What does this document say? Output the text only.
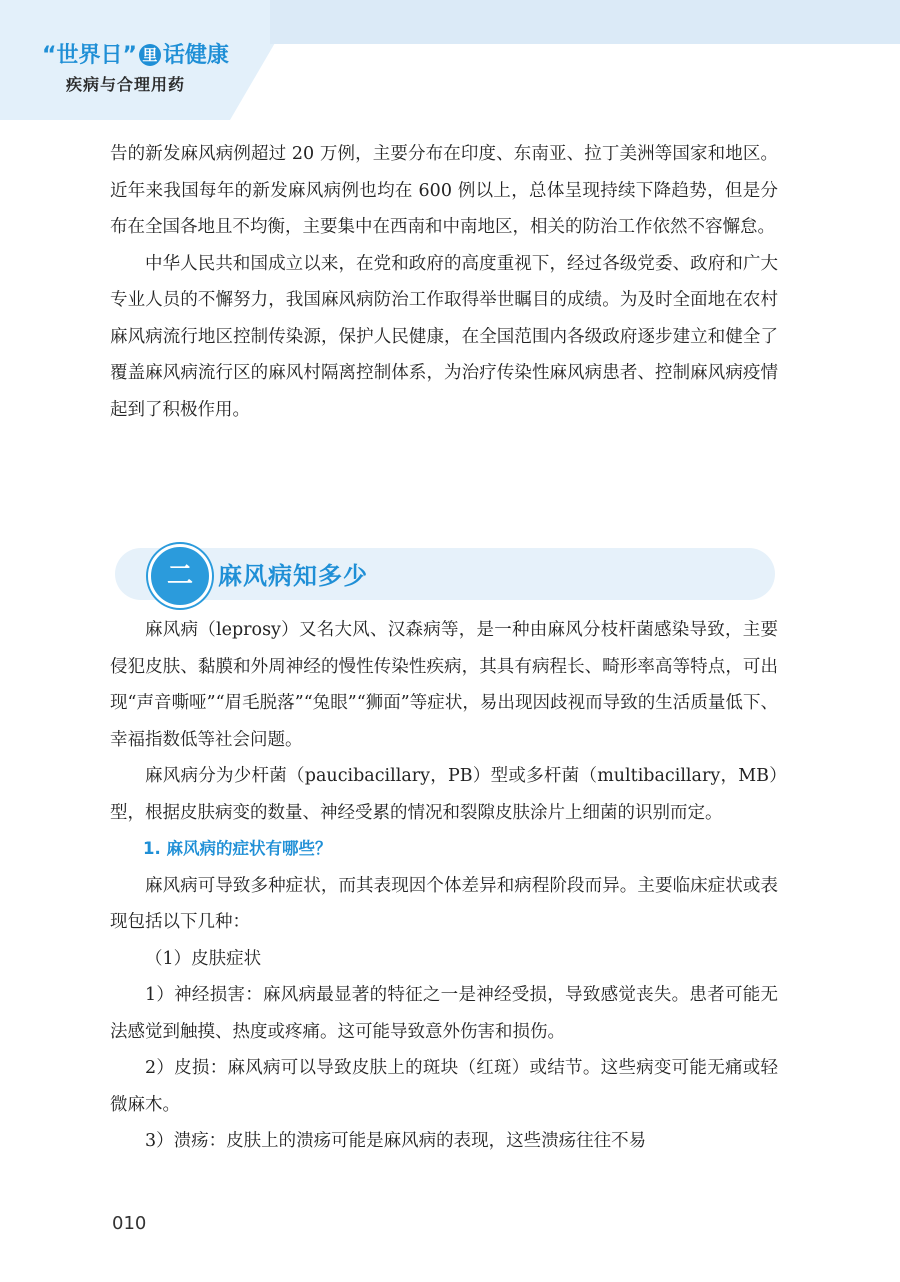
“世界日” 里 话健康
疾病与合理用药

告的新发麻风病例超过 20 万例，主要分布在印度、东南亚、拉丁美洲等国家和地区。近年来我国每年的新发麻风病例也均在 600 例以上，总体呈现持续下降趋势，但是分布在全国各地且不均衡，主要集中在西南和中南地区，相关的防治工作依然不容懈怠。

中华人民共和国成立以来，在党和政府的高度重视下，经过各级党委、政府和广大专业人员的不懈努力，我国麻风病防治工作取得举世瞩目的成绩。为及时全面地在农村麻风病流行地区控制传染源，保护人民健康，在全国范围内各级政府逐步建立和健全了覆盖麻风病流行区的麻风村隔离控制体系，为治疗传染性麻风病患者、控制麻风病疫情起到了积极作用。

二	麻风病知多少

麻风病（leprosy）又名大风、汉森病等，是一种由麻风分枝杆菌感染导致，主要侵犯皮肤、黏膜和外周神经的慢性传染性疾病，其具有病程长、畸形率高等特点，可出现“声音嘶哑”“眉毛脱落”“兔眼”“狮面”等症状，易出现因歧视而导致的生活质量低下、幸福指数低等社会问题。

麻风病分为少杆菌（paucibacillary，PB）型或多杆菌（multibacillary，MB）型，根据皮肤病变的数量、神经受累的情况和裂隙皮肤涂片上细菌的识别而定。

1. 麻风病的症状有哪些？

麻风病可导致多种症状，而其表现因个体差异和病程阶段而异。主要临床症状或表现包括以下几种：

（1）皮肤症状

1）神经损害：麻风病最显著的特征之一是神经受损，导致感觉丧失。患者可能无法感觉到触摸、热度或疼痛。这可能导致意外伤害和损伤。

2）皮损：麻风病可以导致皮肤上的斑块（红斑）或结节。这些病变可能无痛或轻微麻木。

3）溃疡：皮肤上的溃疡可能是麻风病的表现，这些溃疡往往不易

010
